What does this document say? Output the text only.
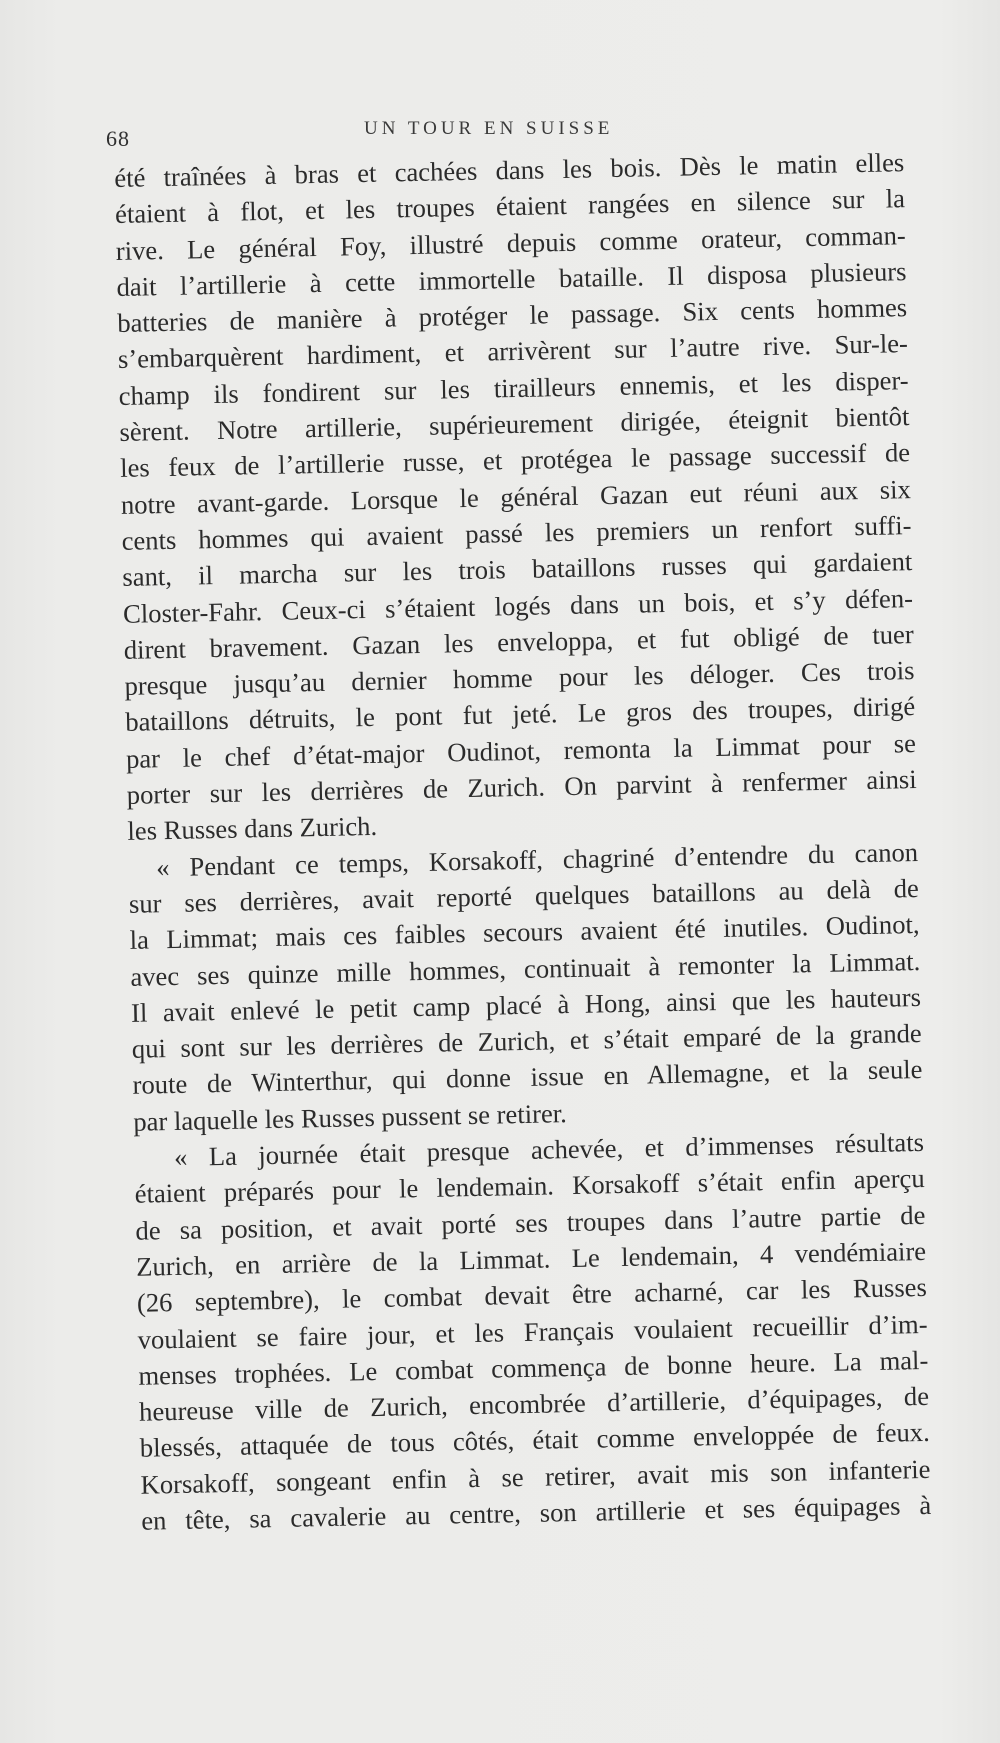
68	UN TOUR EN SUISSE
été traînées à bras et cachées dans les bois. Dès le matin elles
étaient à flot, et les troupes étaient rangées en silence sur la
rive. Le général Foy, illustré depuis comme orateur, comman-
dait l’artillerie à cette immortelle bataille. Il disposa plusieurs
batteries de manière à protéger le passage. Six cents hommes
s’embarquèrent hardiment, et arrivèrent sur l’autre rive. Sur-le-
champ ils fondirent sur les tirailleurs ennemis, et les disper-
sèrent. Notre artillerie, supérieurement dirigée, éteignit bientôt
les feux de l’artillerie russe, et protégea le passage successif de
notre avant-garde. Lorsque le général Gazan eut réuni aux six
cents hommes qui avaient passé les premiers un renfort suffi-
sant, il marcha sur les trois bataillons russes qui gardaient
Closter-Fahr. Ceux-ci s’étaient logés dans un bois, et s’y défen-
dirent bravement. Gazan les enveloppa, et fut obligé de tuer
presque jusqu’au dernier homme pour les déloger. Ces trois
bataillons détruits, le pont fut jeté. Le gros des troupes, dirigé
par le chef d’état-major Oudinot, remonta la Limmat pour se
porter sur les derrières de Zurich. On parvint à renfermer ainsi
les Russes dans Zurich.
« Pendant ce temps, Korsakoff, chagriné d’entendre du canon
sur ses derrières, avait reporté quelques bataillons au delà de
la Limmat; mais ces faibles secours avaient été inutiles. Oudinot,
avec ses quinze mille hommes, continuait à remonter la Limmat.
Il avait enlevé le petit camp placé à Hong, ainsi que les hauteurs
qui sont sur les derrières de Zurich, et s’était emparé de la grande
route de Winterthur, qui donne issue en Allemagne, et la seule
par laquelle les Russes pussent se retirer.
« La journée était presque achevée, et d’immenses résultats
étaient préparés pour le lendemain. Korsakoff s’était enfin aperçu
de sa position, et avait porté ses troupes dans l’autre partie de
Zurich, en arrière de la Limmat. Le lendemain, 4 vendémiaire
(26 septembre), le combat devait être acharné, car les Russes
voulaient se faire jour, et les Français voulaient recueillir d’im-
menses trophées. Le combat commença de bonne heure. La mal-
heureuse ville de Zurich, encombrée d’artillerie, d’équipages, de
blessés, attaquée de tous côtés, était comme enveloppée de feux.
Korsakoff, songeant enfin à se retirer, avait mis son infanterie
en tête, sa cavalerie au centre, son artillerie et ses équipages à
